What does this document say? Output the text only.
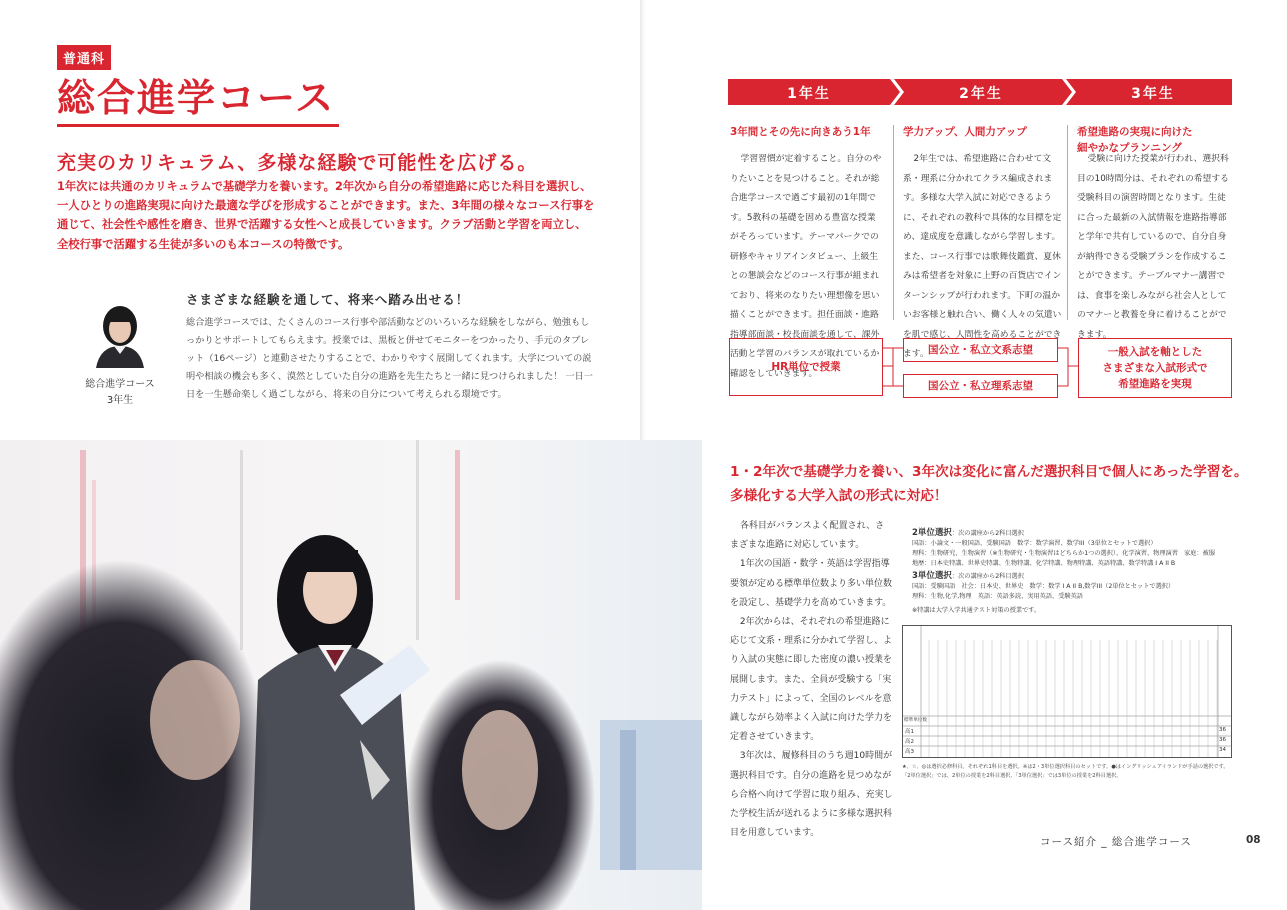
普通科
総合進学コース
充実のカリキュラム、多様な経験で可能性を広げる。
1年次には共通のカリキュラムで基礎学力を養います。2年次から自分の希望進路に応じた科目を選択し、一人ひとりの進路実現に向けた最適な学びを形成することができます。また、3年間の様々なコース行事を通じて、社会性や感性を磨き、世界で活躍する女性へと成長していきます。クラブ活動と学習を両立し、全校行事で活躍する生徒が多いのも本コースの特徴です。
総合進学コース
3年生
さまざまな経験を通して、将来へ踏み出せる！
総合進学コースでは、たくさんのコース行事や部活動などのいろいろな経験をしながら、勉強もしっかりとサポートしてもらえます。授業では、黒板と併せてモニターをつかったり、手元のタブレット（16ページ）と連動させたりすることで、わかりやすく展開してくれます。大学についての説明や相談の機会も多く、漠然としていた自分の進路を先生たちと一緒に見つけられました！ 一日一日を一生懸命楽しく過ごしながら、将来の自分について考えられる環境です。
1年生	2年生	3年生
3年間とその先に向きあう1年	学力アップ、人間力アップ	希望進路の実現に向けた
細やかなプランニング
学習習慣が定着すること。自分のやりたいことを見つけること。それが総合進学コースで過ごす最初の1年間です。5教科の基礎を固める豊富な授業がそろっています。テーマパークでの研修やキャリアインタビュー、上級生との懇談会などのコース行事が組まれており、将来のなりたい理想像を思い描くことができます。担任面談・進路指導部面談・校長面談を通して、課外活動と学習のバランスが取れているか確認をしていきます。
2年生では、希望進路に合わせて文系・理系に分かれてクラス編成されます。多様な大学入試に対応できるように、それぞれの教科で具体的な目標を定め、達成度を意識しながら学習します。また、コース行事では歌舞伎鑑賞、夏休みは希望者を対象に上野の百貨店でインターンシップが行われます。下町の温かいお客様と触れ合い、働く人々の気遣いを肌で感じ、人間性を高めることができます。
受験に向けた授業が行われ、選択科目の10時間分は、それぞれの希望する受験科目の演習時間となります。生徒に合った最新の入試情報を進路指導部と学年で共有しているので、自分自身が納得できる受験プランを作成することができます。テーブルマナー講習では、食事を楽しみながら社会人としてのマナーと教養を身に着けることができます。
HR単位で授業
国公立・私立文系志望
国公立・私立理系志望
一般入試を軸とした
さまざまな入試形式で
希望進路を実現
1・2年次で基礎学力を養い、3年次は変化に富んだ選択科目で個人にあった学習を。
多様化する大学入試の形式に対応！

各科目がバランスよく配置され、さまざまな進路に対応しています。

1年次の国語・数学・英語は学習指導要領が定める標準単位数より多い単位数を設定し、基礎学力を高めていきます。

2年次からは、それぞれの希望進路に応じて文系・理系に分かれて学習し、より入試の実態に即した密度の濃い授業を展開します。また、全員が受験する「実力テスト」によって、全国のレベルを意識しながら効率よく入試に向けた学力を定着させていきます。

3年次は、履修科目のうち週10時間が選択科目です。自分の進路を見つめながら合格へ向けて学習に取り組み、充実した学校生活が送れるように多様な選択科目を用意しています。

2単位選択：次の講座から2科目選択
国語：小論文・一般国語、受験国語　数学：数学演習、数学III（3単位とセットで選択）
理科：生物研究、生物演習（※生物研究・生物演習はどちらか1つの選択）、化学演習、物理演習　家庭：被服
地歴：日本史特講、世界史特講、生物特講、化学特講、物理特講、英語特講、数学特講 I A II B
3単位選択：次の講座から2科目選択
国語：受験国語　社会：日本史、世界史　数学：数学 I A II B,数学III（2単位とセットで選択）
理科：生物,化学,物理　英語：英語多読、実用英語、受験英語
※特講は大学入学共通テスト対策の授業です。
標準単位数
高1
高2
高3
36
36
34
★、☆、◎は選択必修科目。それぞれ1科目を選択。※は2・3単位選択科目のセットです。●はイングリッシュアイランドが手話の選択です。
「2単位選択」では、2単位の授業を2科目選択、「3単位選択」では3単位の授業を2科目選択。
コース紹介 _ 総合進学コース	08
